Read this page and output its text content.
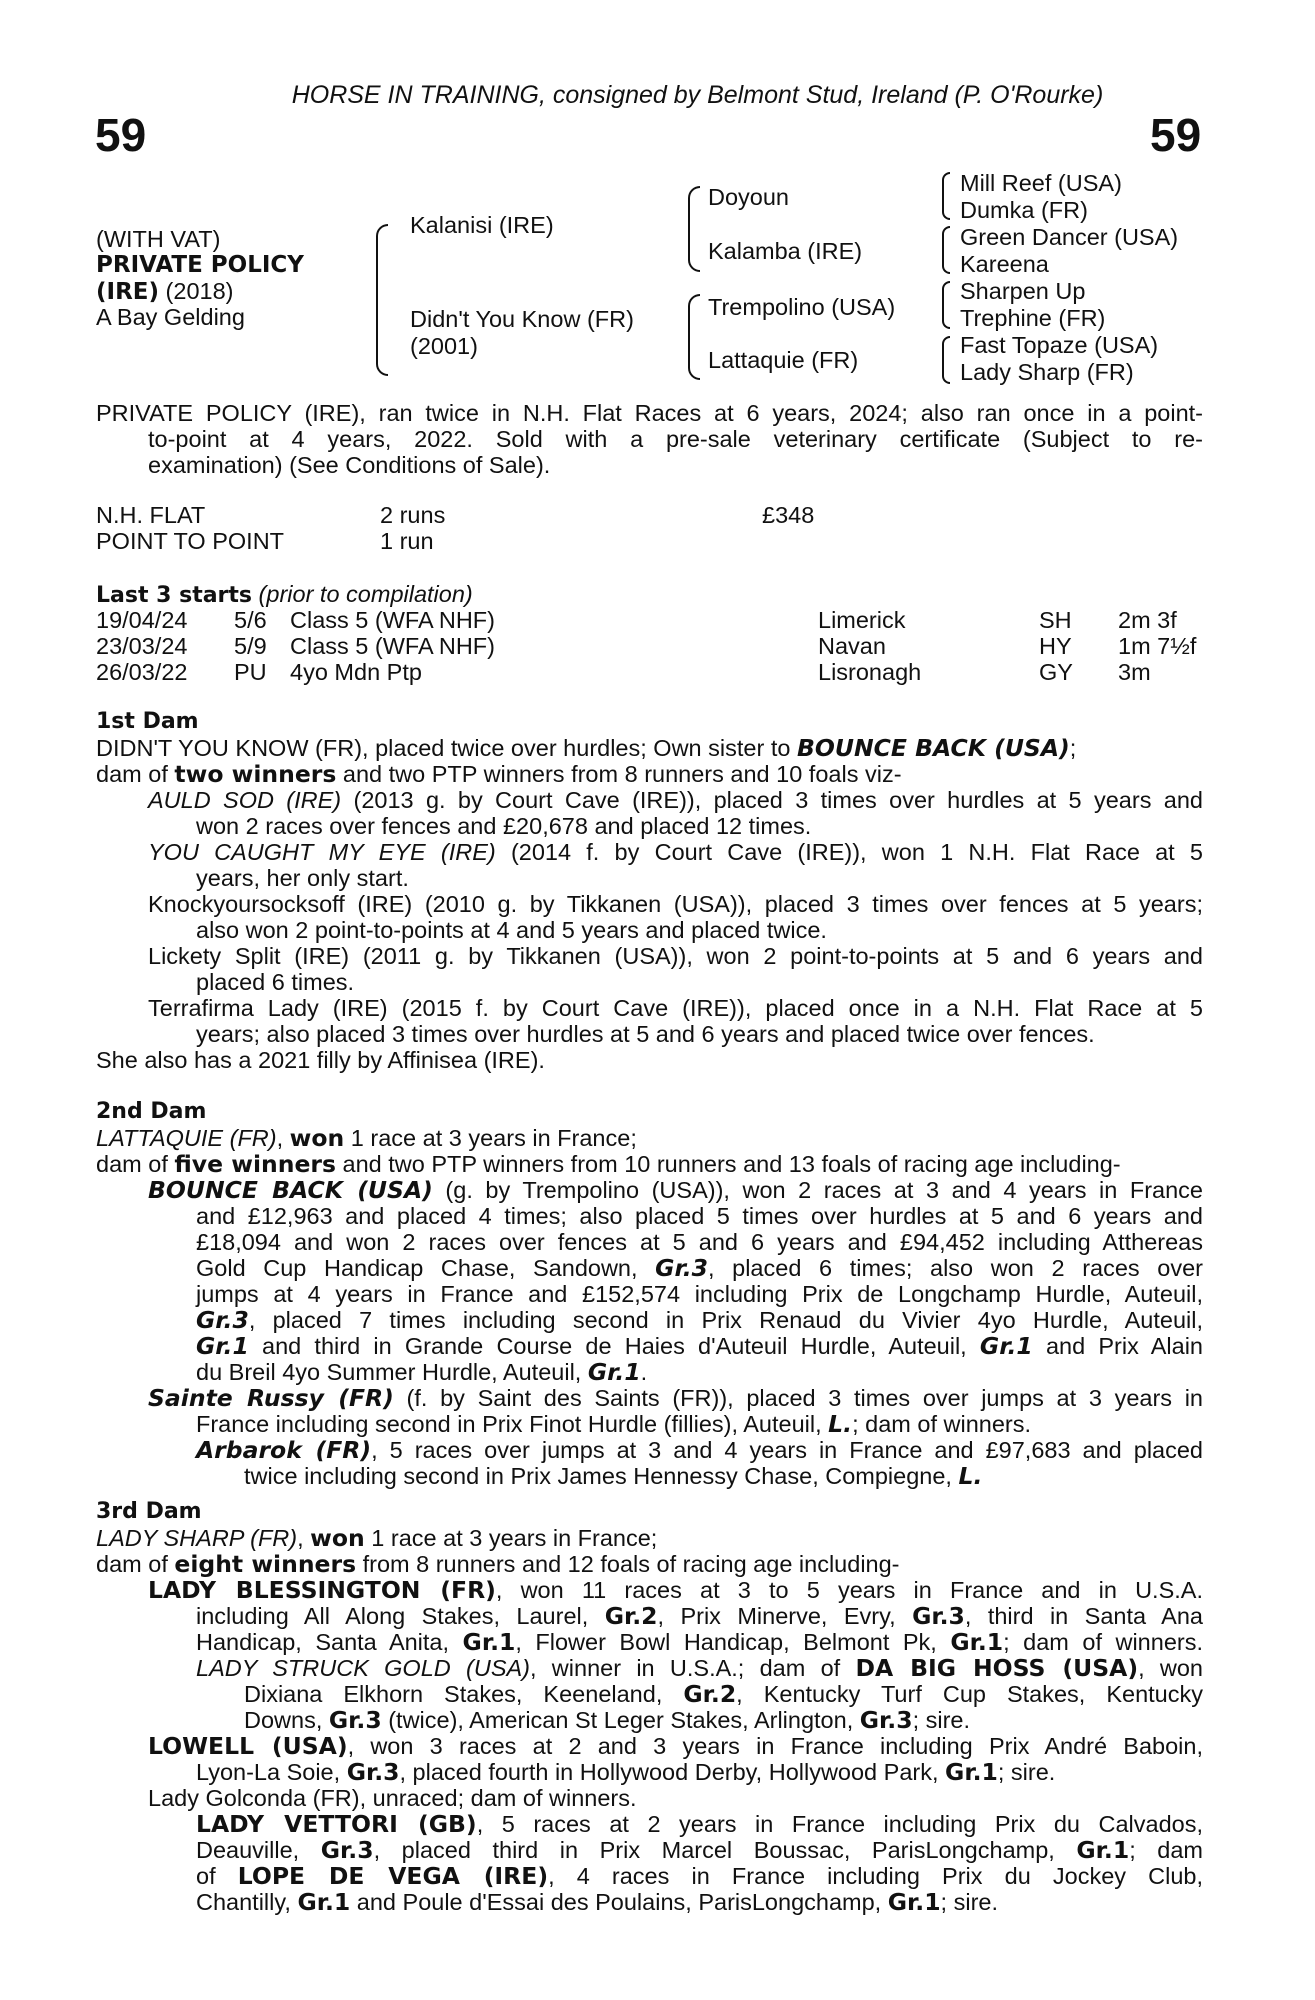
HORSE IN TRAINING, consigned by Belmont Stud, Ireland (P. O'Rourke)
59	59
(WITH VAT)
PRIVATE POLICY
(IRE) (2018)
A Bay Gelding
Kalanisi (IRE)
Didn't You Know (FR)
(2001)
Doyoun
Kalamba (IRE)
Trempolino (USA)
Lattaquie (FR)
Mill Reef (USA)
Dumka (FR)
Green Dancer (USA)
Kareena
Sharpen Up
Trephine (FR)
Fast Topaze (USA)
Lady Sharp (FR)
PRIVATE POLICY (IRE), ran twice in N.H. Flat Races at 6 years, 2024; also ran once in a point-
to-point at 4 years, 2022. Sold with a pre-sale veterinary certificate (Subject to re-
examination) (See Conditions of Sale).
N.H. FLAT	2 runs	£348
POINT TO POINT	1 run
Last 3 starts (prior to compilation)
19/04/24 5/6 Class 5 (WFA NHF)	Limerick	SH 2m 3f
23/03/24 5/9 Class 5 (WFA NHF)	Navan	HY 1m 7½f
26/03/22 PU 4yo Mdn Ptp	Lisronagh	GY 3m
1st Dam
DIDN'T YOU KNOW (FR), placed twice over hurdles; Own sister to BOUNCE BACK (USA);
dam of two winners and two PTP winners from 8 runners and 10 foals viz-
AULD SOD (IRE) (2013 g. by Court Cave (IRE)), placed 3 times over hurdles at 5 years and
won 2 races over fences and £20,678 and placed 12 times.
YOU CAUGHT MY EYE (IRE) (2014 f. by Court Cave (IRE)), won 1 N.H. Flat Race at 5
years, her only start.
Knockyoursocksoff (IRE) (2010 g. by Tikkanen (USA)), placed 3 times over fences at 5 years;
also won 2 point-to-points at 4 and 5 years and placed twice.
Lickety Split (IRE) (2011 g. by Tikkanen (USA)), won 2 point-to-points at 5 and 6 years and
placed 6 times.
Terrafirma Lady (IRE) (2015 f. by Court Cave (IRE)), placed once in a N.H. Flat Race at 5
years; also placed 3 times over hurdles at 5 and 6 years and placed twice over fences.
She also has a 2021 filly by Affinisea (IRE).
2nd Dam
LATTAQUIE (FR), won 1 race at 3 years in France;
dam of five winners and two PTP winners from 10 runners and 13 foals of racing age including-
BOUNCE BACK (USA) (g. by Trempolino (USA)), won 2 races at 3 and 4 years in France
and £12,963 and placed 4 times; also placed 5 times over hurdles at 5 and 6 years and
£18,094 and won 2 races over fences at 5 and 6 years and £94,452 including Atthereas
Gold Cup Handicap Chase, Sandown, Gr.3, placed 6 times; also won 2 races over
jumps at 4 years in France and £152,574 including Prix de Longchamp Hurdle, Auteuil,
Gr.3, placed 7 times including second in Prix Renaud du Vivier 4yo Hurdle, Auteuil,
Gr.1 and third in Grande Course de Haies d'Auteuil Hurdle, Auteuil, Gr.1 and Prix Alain
du Breil 4yo Summer Hurdle, Auteuil, Gr.1.
Sainte Russy (FR) (f. by Saint des Saints (FR)), placed 3 times over jumps at 3 years in
France including second in Prix Finot Hurdle (fillies), Auteuil, L.; dam of winners.
Arbarok (FR), 5 races over jumps at 3 and 4 years in France and £97,683 and placed
twice including second in Prix James Hennessy Chase, Compiegne, L.
3rd Dam
LADY SHARP (FR), won 1 race at 3 years in France;
dam of eight winners from 8 runners and 12 foals of racing age including-
LADY BLESSINGTON (FR), won 11 races at 3 to 5 years in France and in U.S.A.
including All Along Stakes, Laurel, Gr.2, Prix Minerve, Evry, Gr.3, third in Santa Ana
Handicap, Santa Anita, Gr.1, Flower Bowl Handicap, Belmont Pk, Gr.1; dam of winners.
LADY STRUCK GOLD (USA), winner in U.S.A.; dam of DA BIG HOSS (USA), won
Dixiana Elkhorn Stakes, Keeneland, Gr.2, Kentucky Turf Cup Stakes, Kentucky
Downs, Gr.3 (twice), American St Leger Stakes, Arlington, Gr.3; sire.
LOWELL (USA), won 3 races at 2 and 3 years in France including Prix André Baboin,
Lyon-La Soie, Gr.3, placed fourth in Hollywood Derby, Hollywood Park, Gr.1; sire.
Lady Golconda (FR), unraced; dam of winners.
LADY VETTORI (GB), 5 races at 2 years in France including Prix du Calvados,
Deauville, Gr.3, placed third in Prix Marcel Boussac, ParisLongchamp, Gr.1; dam
of LOPE DE VEGA (IRE), 4 races in France including Prix du Jockey Club,
Chantilly, Gr.1 and Poule d'Essai des Poulains, ParisLongchamp, Gr.1; sire.
